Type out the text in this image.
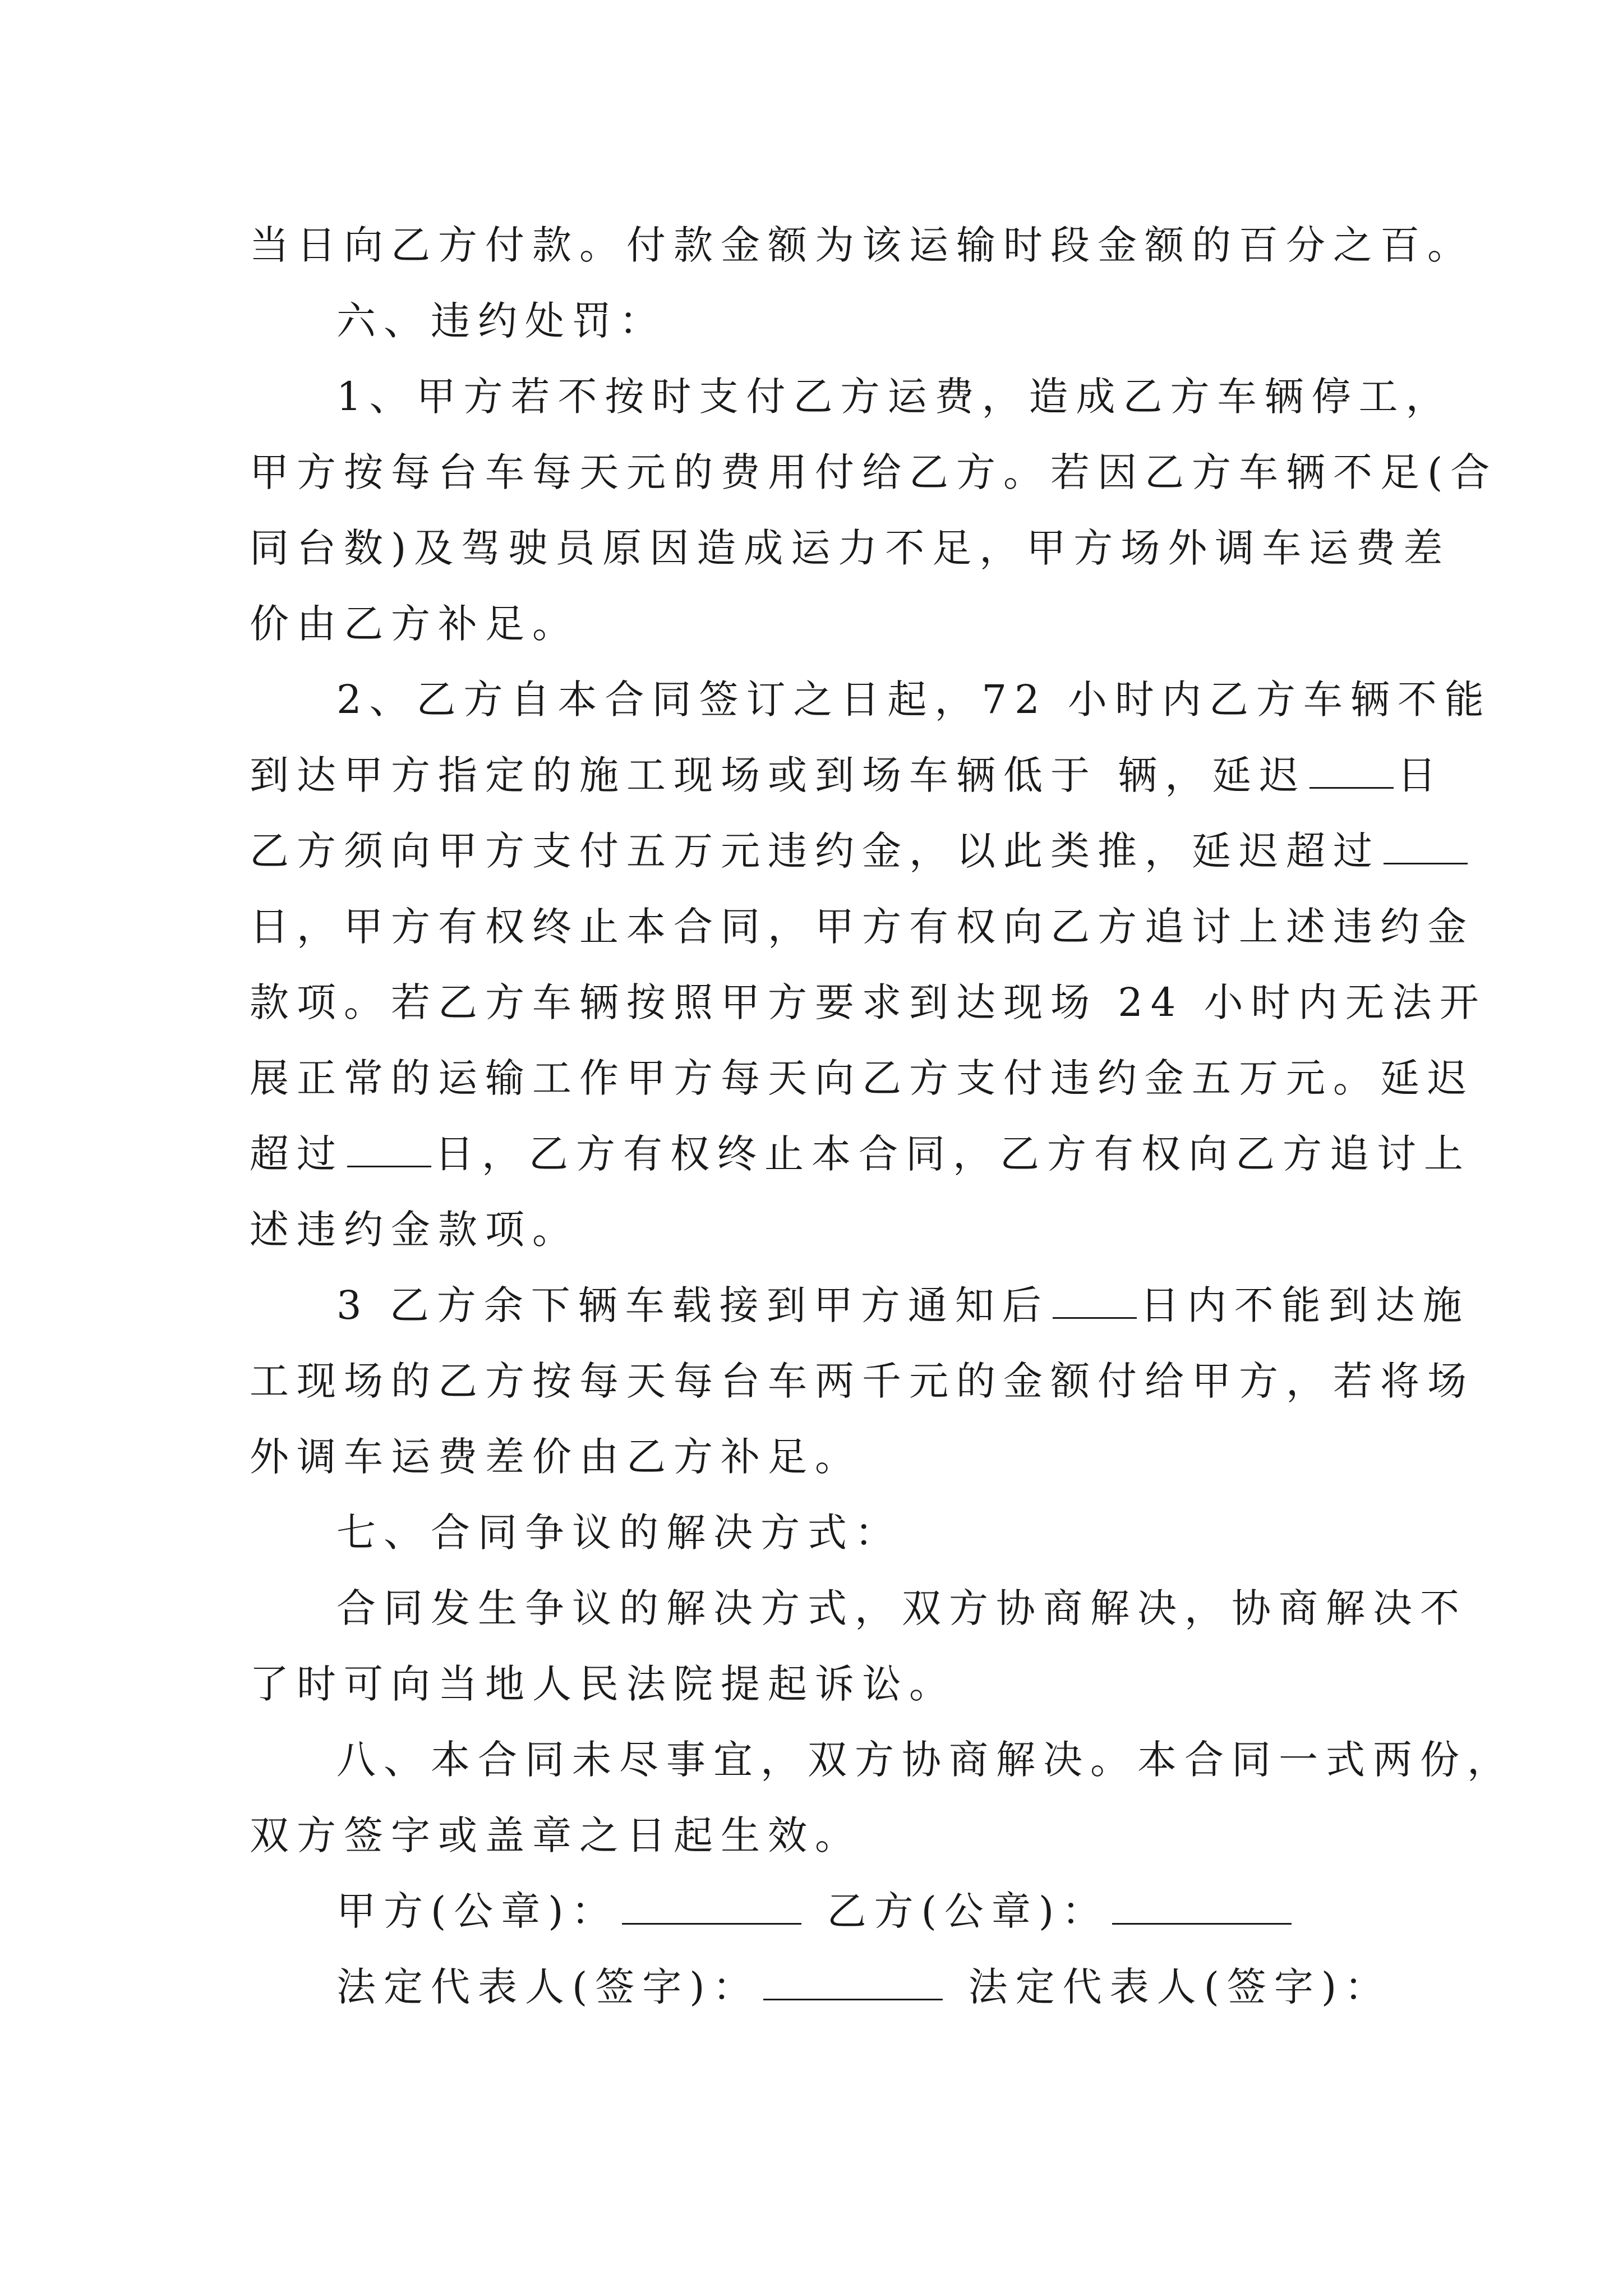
当日向乙方付款。付款金额为该运输时段金额的百分之百。
六、违约处罚：
1、甲方若不按时支付乙方运费，造成乙方车辆停工，
甲方按每台车每天元的费用付给乙方。若因乙方车辆不足(合
同台数)及驾驶员原因造成运力不足，甲方场外调车运费差
价由乙方补足。
2、乙方自本合同签订之日起，72 小时内乙方车辆不能
到达甲方指定的施工现场或到场车辆低于 辆，延迟 日
乙方须向甲方支付五万元违约金，以此类推，延迟超过
日，甲方有权终止本合同，甲方有权向乙方追讨上述违约金
款项。若乙方车辆按照甲方要求到达现场 24 小时内无法开
展正常的运输工作甲方每天向乙方支付违约金五万元。延迟
超过 日，乙方有权终止本合同，乙方有权向乙方追讨上
述违约金款项。
3 乙方余下辆车载接到甲方通知后 日内不能到达施
工现场的乙方按每天每台车两千元的金额付给甲方，若将场
外调车运费差价由乙方补足。
七、合同争议的解决方式：
合同发生争议的解决方式，双方协商解决，协商解决不
了时可向当地人民法院提起诉讼。
八、本合同未尽事宜，双方协商解决。本合同一式两份，
双方签字或盖章之日起生效。
甲方(公章)：	乙方(公章)：
法定代表人(签字)：	法定代表人(签字)：
